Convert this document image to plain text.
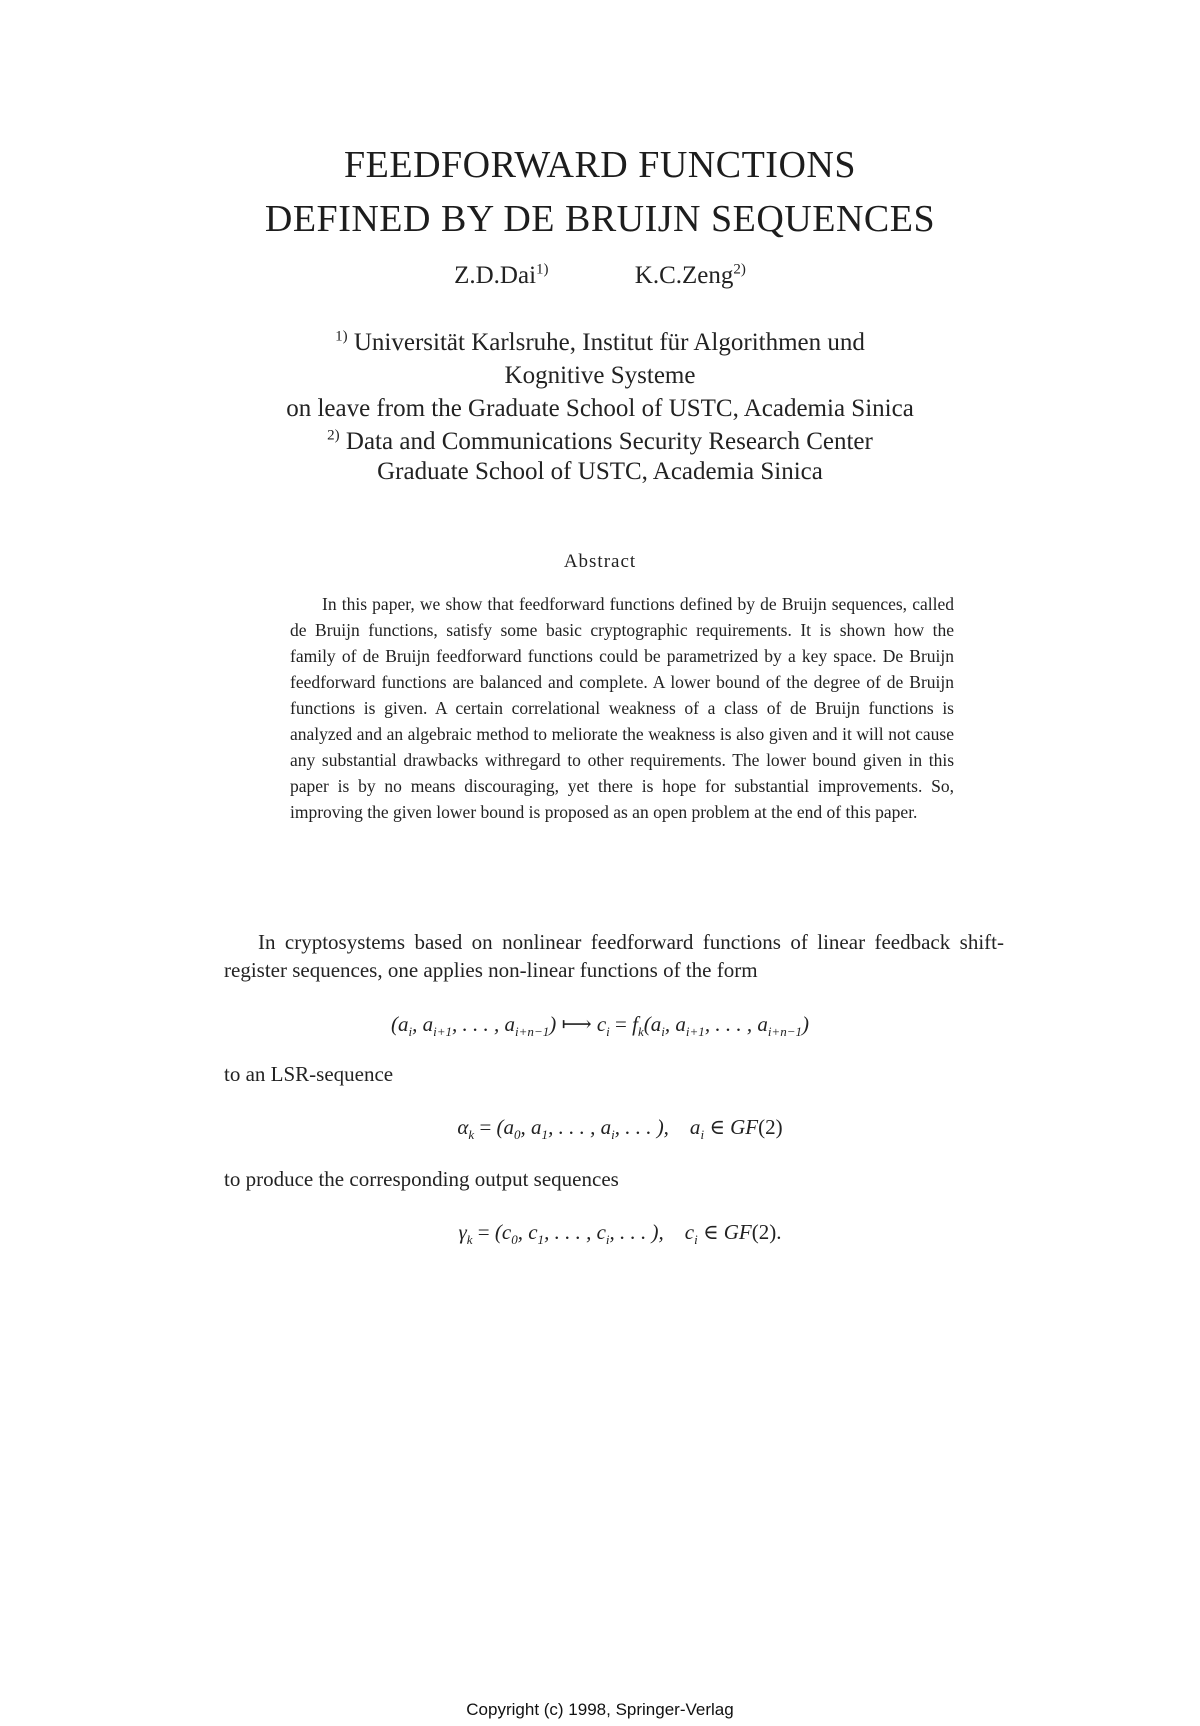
FEEDFORWARD FUNCTIONS
DEFINED BY DE BRUIJN SEQUENCES
Z.D.Dai$^{1)}$	K.C.Zeng$^{2)}$
$^{1)}$ Universität Karlsruhe, Institut für Algorithmen und
Kognitive Systeme
on leave from the Graduate School of USTC, Academia Sinica
$^{2)}$ Data and Communications Security Research Center
Graduate School of USTC, Academia Sinica
Abstract

In this paper, we show that feedforward functions defined by de Bruijn sequences, called de Bruijn functions, satisfy some basic cryptographic requirements. It is shown how the family of de Bruijn feedforward functions could be parametrized by a key space. De Bruijn feedforward functions are balanced and complete. A lower bound of the degree of de Bruijn functions is given. A certain correlational weakness of a class of de Bruijn functions is analyzed and an algebraic method to meliorate the weakness is also given and it will not cause any substantial drawbacks withregard to other requirements. The lower bound given in this paper is by no means discouraging, yet there is hope for substantial improvements. So, improving the given lower bound is proposed as an open problem at the end of this paper.

In cryptosystems based on nonlinear feedforward functions of linear feedback shift-register sequences, one applies non-linear functions of the form

($a_i$, $a_{i+1}$, . . . , $a_{i+n-1}$) ⟼ $c_i = f_k(a_i$, $a_{i+1}$, . . . , $a_{i+n-1}$)
to an LSR-sequence
$\alpha_k = (a_0$, $a_1$, . . . , $a_i$, . . . ),    $a_i$ ∈ GF(2)
to produce the corresponding output sequences
$\gamma_k = (c_0$, $c_1$, . . . , $c_i$, . . . ),    $c_i$ ∈ GF(2).
Copyright (c) 1998, Springer-Verlag
